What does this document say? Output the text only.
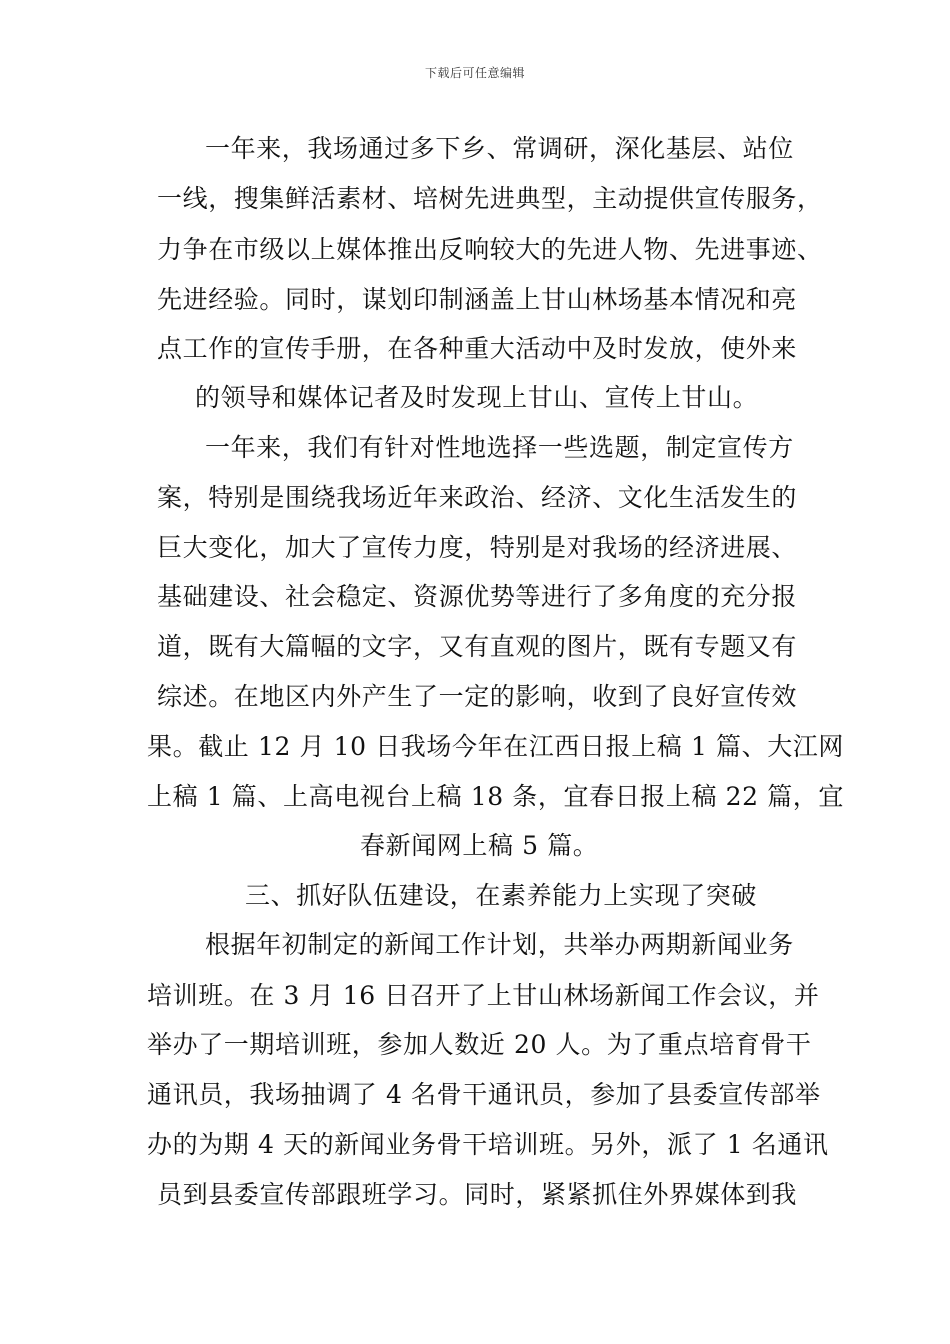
下载后可任意编辑
一年来，我场通过多下乡、常调研，深化基层、站位
一线，搜集鲜活素材、培树先进典型，主动提供宣传服务，
力争在市级以上媒体推出反响较大的先进人物、先进事迹、
先进经验。同时，谋划印制涵盖上甘山林场基本情况和亮
点工作的宣传手册，在各种重大活动中及时发放，使外来
的领导和媒体记者及时发现上甘山、宣传上甘山。
一年来，我们有针对性地选择一些选题，制定宣传方
案，特别是围绕我场近年来政治、经济、文化生活发生的
巨大变化，加大了宣传力度，特别是对我场的经济进展、
基础建设、社会稳定、资源优势等进行了多角度的充分报
道，既有大篇幅的文字，又有直观的图片，既有专题又有
综述。在地区内外产生了一定的影响，收到了良好宣传效
果。截止 12 月 10 日我场今年在江西日报上稿 1 篇、大江网
上稿 1 篇、上高电视台上稿 18 条，宜春日报上稿 22 篇，宜
春新闻网上稿 5 篇。
三、抓好队伍建设，在素养能力上实现了突破
根据年初制定的新闻工作计划，共举办两期新闻业务
培训班。在 3 月 16 日召开了上甘山林场新闻工作会议，并
举办了一期培训班，参加人数近 20 人。为了重点培育骨干
通讯员，我场抽调了 4 名骨干通讯员，参加了县委宣传部举
办的为期 4 天的新闻业务骨干培训班。另外，派了 1 名通讯
员到县委宣传部跟班学习。同时，紧紧抓住外界媒体到我
